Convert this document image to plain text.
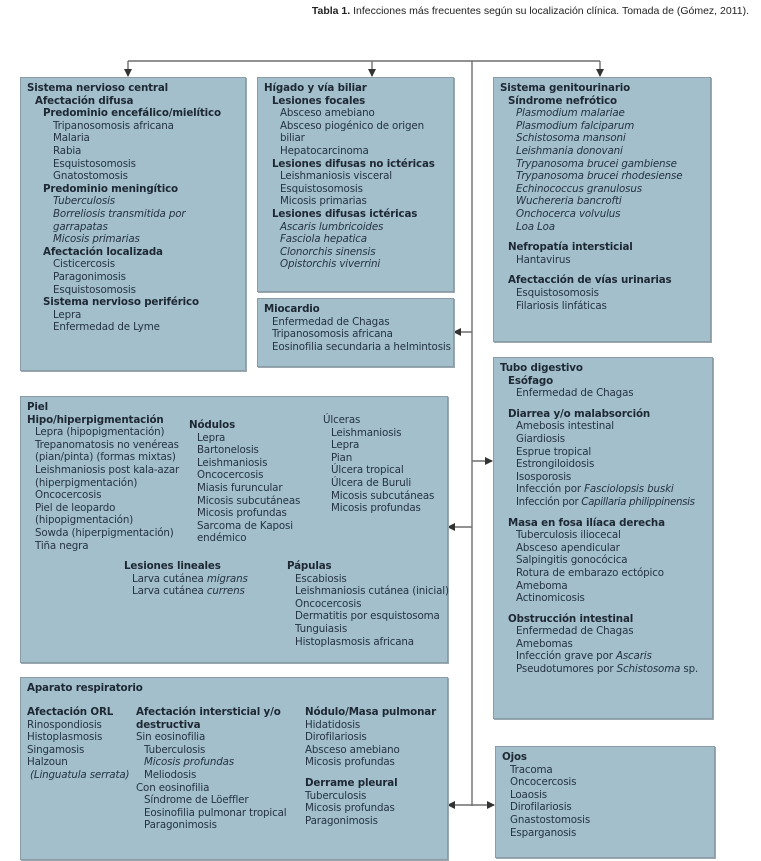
Tabla 1. Infecciones más frecuentes según su localización clínica. Tomada de (Gómez, 2011).
Sistema nervioso central
Afectación difusa
Predominio encefálico/mielítico
Tripanosomosis africana
Malaria
Rabia
Esquistosomosis
Gnatostomosis
Predominio meningítico
Tuberculosis
Borreliosis transmitida por
garrapatas
Micosis primarias
Afectación localizada
Cisticercosis
Paragonimosis
Esquistosomosis
Sistema nervioso periférico
Lepra
Enfermedad de Lyme
Hígado y vía biliar
Lesiones focales
Absceso amebiano
Absceso piogénico de origen
biliar
Hepatocarcinoma
Lesiones difusas no ictéricas
Leishmaniosis visceral
Esquistosomosis
Micosis primarias
Lesiones difusas ictéricas
Ascaris lumbricoides
Fasciola hepatica
Clonorchis sinensis
Opistorchis viverrini
Miocardio
Enfermedad de Chagas
Tripanosomosis africana
Eosinofilia secundaria a helmintosis
Sistema genitourinario
Síndrome nefrótico
Plasmodium malariae
Plasmodium falciparum
Schistosoma mansoni
Leishmania donovani
Trypanosoma brucei gambiense
Trypanosoma brucei rhodesiense
Echinococcus granulosus
Wuchereria bancrofti
Onchocerca volvulus
Loa Loa
Nefropatía intersticial
Hantavirus
Afectacción de vías urinarias
Esquistosomosis
Filariosis linfáticas
Piel
Hipo/hiperpigmentación
Lepra (hipopigmentación)
Trepanomatosis no venéreas
(pian/pinta) (formas mixtas)
Leishmaniosis post kala-azar
(hiperpigmentación)
Oncocercosis
Piel de leopardo
(hipopigmentación)
Sowda (hiperpigmentación)
Tiña negra
Nódulos
Lepra
Bartonelosis
Leishmaniosis
Oncocercosis
Miasis furuncular
Micosis subcutáneas
Micosis profundas
Sarcoma de Kaposi
endémico
Úlceras
Leishmaniosis
Lepra
Pian
Úlcera tropical
Úlcera de Buruli
Micosis subcutáneas
Micosis profundas
Lesiones lineales
Larva cutánea migrans
Larva cutánea currens
Pápulas
Escabiosis
Leishmaniosis cutánea (inicial)
Oncocercosis
Dermatitis por esquistosoma
Tunguiasis
Histoplasmosis africana
Tubo digestivo
Esófago
Enfermedad de Chagas
Diarrea y/o malabsorción
Amebosis intestinal
Giardiosis
Esprue tropical
Estrongiloidosis
Isosporosis
Infección por Fasciolopsis buski
Infección por Capillaria philippinensis
Masa en fosa ilíaca derecha
Tuberculosis iliocecal
Absceso apendicular
Salpingitis gonocócica
Rotura de embarazo ectópico
Ameboma
Actinomicosis
Obstrucción intestinal
Enfermedad de Chagas
Amebomas
Infección grave por Ascaris
Pseudotumores por Schistosoma sp.
Aparato respiratorio
Afectación ORL
Rinospondiosis
Histoplasmosis
Singamosis
Halzoun
(Linguatula serrata)
Afectación intersticial y/o
destructiva
Sin eosinofilia
Tuberculosis
Micosis profundas
Meliodosis
Con eosinofilia
Síndrome de Löeffler
Eosinofilia pulmonar tropical
Paragonimosis
Nódulo/Masa pulmonar
Hidatidosis
Dirofilariosis
Absceso amebiano
Micosis profundas
Derrame pleural
Tuberculosis
Micosis profundas
Paragonimosis
Ojos
Tracoma
Oncocercosis
Loaosis
Dirofilariosis
Gnastostomosis
Esparganosis
